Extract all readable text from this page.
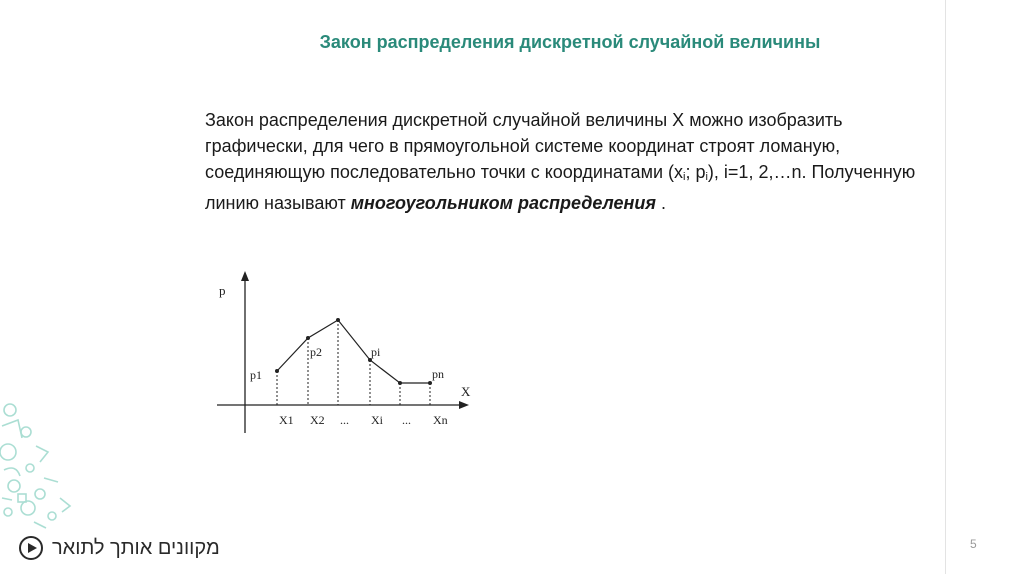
Закон распределения дискретной случайной величины
Закон распределения дискретной случайной величины X можно изобразить графически, для чего в прямоугольной системе координат строят ломаную, соединяющую последовательно точки с координатами ($x_i$; $p_i$), i=1, 2,…n. Полученную линию называют многоугольником распределения .
p
X
p1
p2	pi
pn
X1 X2 ... Xi ... Xn
5
מקוונים אותך לתואר
